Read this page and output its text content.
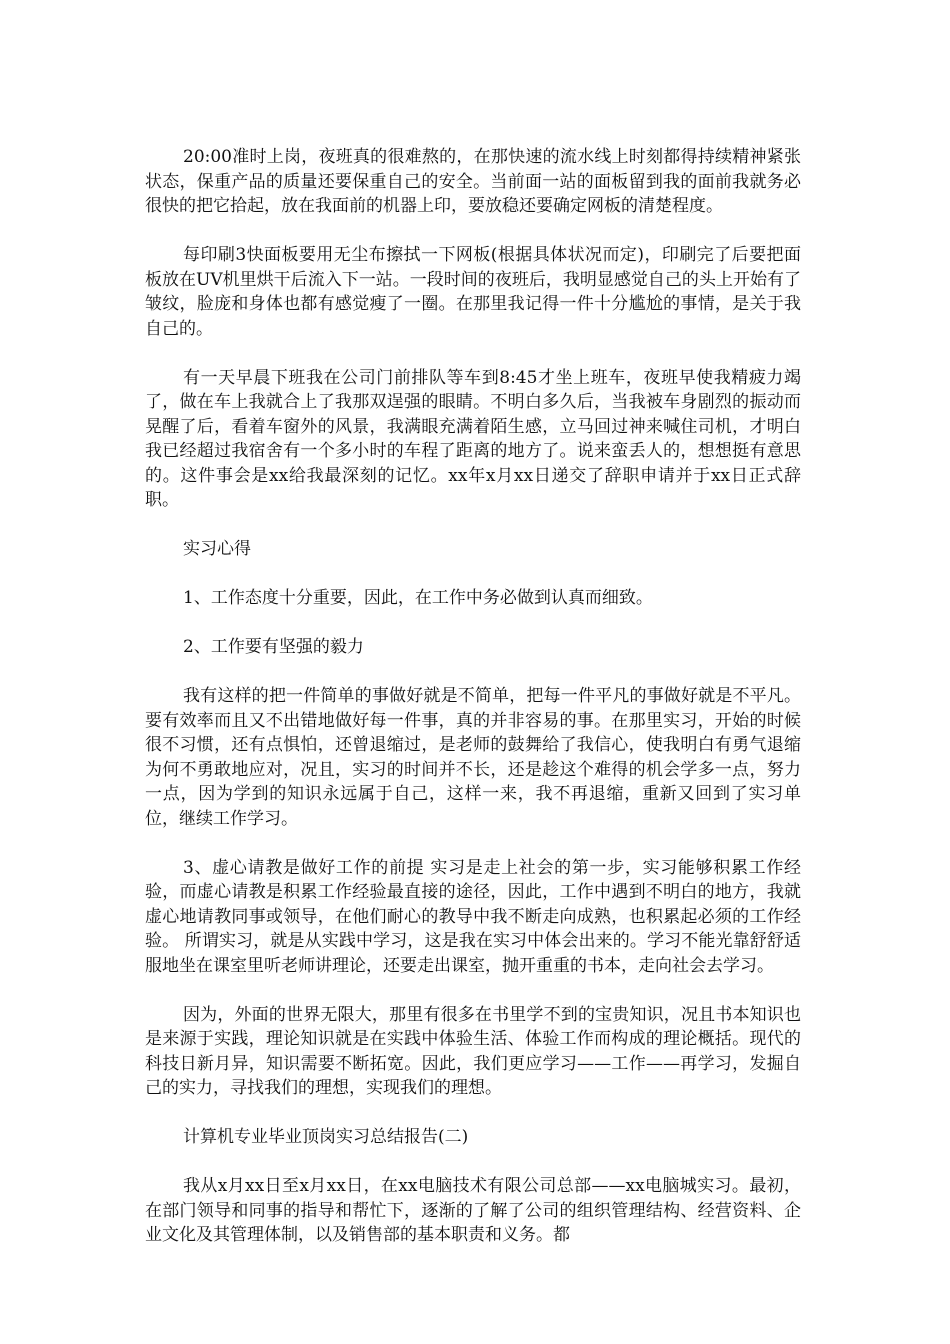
20:00准时上岗，夜班真的很难熬的，在那快速的流水线上时刻都得持续精神紧张状态，保重产品的质量还要保重自己的安全。当前面一站的面板留到我的面前我就务必很快的把它拾起，放在我面前的机器上印，要放稳还要确定网板的清楚程度。

每印刷3快面板要用无尘布擦拭一下网板(根据具体状况而定)，印刷完了后要把面板放在UV机里烘干后流入下一站。一段时间的夜班后，我明显感觉自己的头上开始有了皱纹，脸庞和身体也都有感觉瘦了一圈。在那里我记得一件十分尴尬的事情，是关于我自己的。

有一天早晨下班我在公司门前排队等车到8:45才坐上班车，夜班早使我精疲力竭了，做在车上我就合上了我那双逞强的眼睛。不明白多久后，当我被车身剧烈的振动而晃醒了后，看着车窗外的风景，我满眼充满着陌生感，立马回过神来喊住司机，才明白我已经超过我宿舍有一个多小时的车程了距离的地方了。说来蛮丢人的，想想挺有意思的。这件事会是xx给我最深刻的记忆。xx年x月xx日递交了辞职申请并于xx日正式辞职。

实习心得

1、工作态度十分重要，因此，在工作中务必做到认真而细致。

2、工作要有坚强的毅力

我有这样的把一件简单的事做好就是不简单，把每一件平凡的事做好就是不平凡。要有效率而且又不出错地做好每一件事，真的并非容易的事。在那里实习，开始的时候很不习惯，还有点惧怕，还曾退缩过，是老师的鼓舞给了我信心，使我明白有勇气退缩为何不勇敢地应对，况且，实习的时间并不长，还是趁这个难得的机会学多一点，努力一点，因为学到的知识永远属于自己，这样一来，我不再退缩，重新又回到了实习单位，继续工作学习。

3、虚心请教是做好工作的前提 实习是走上社会的第一步，实习能够积累工作经验，而虚心请教是积累工作经验最直接的途径，因此，工作中遇到不明白的地方，我就虚心地请教同事或领导，在他们耐心的教导中我不断走向成熟，也积累起必须的工作经验。 所谓实习，就是从实践中学习，这是我在实习中体会出来的。学习不能光靠舒舒适服地坐在课室里听老师讲理论，还要走出课室，抛开重重的书本，走向社会去学习。

因为，外面的世界无限大，那里有很多在书里学不到的宝贵知识，况且书本知识也是来源于实践，理论知识就是在实践中体验生活、体验工作而构成的理论概括。现代的科技日新月异，知识需要不断拓宽。因此，我们更应学习——工作——再学习，发掘自己的实力，寻找我们的理想，实现我们的理想。

计算机专业毕业顶岗实习总结报告(二)

我从x月xx日至x月xx日，在xx电脑技术有限公司总部——xx电脑城实习。最初，在部门领导和同事的指导和帮忙下，逐渐的了解了公司的组织管理结构、经营资料、企业文化及其管理体制，以及销售部的基本职责和义务。都
